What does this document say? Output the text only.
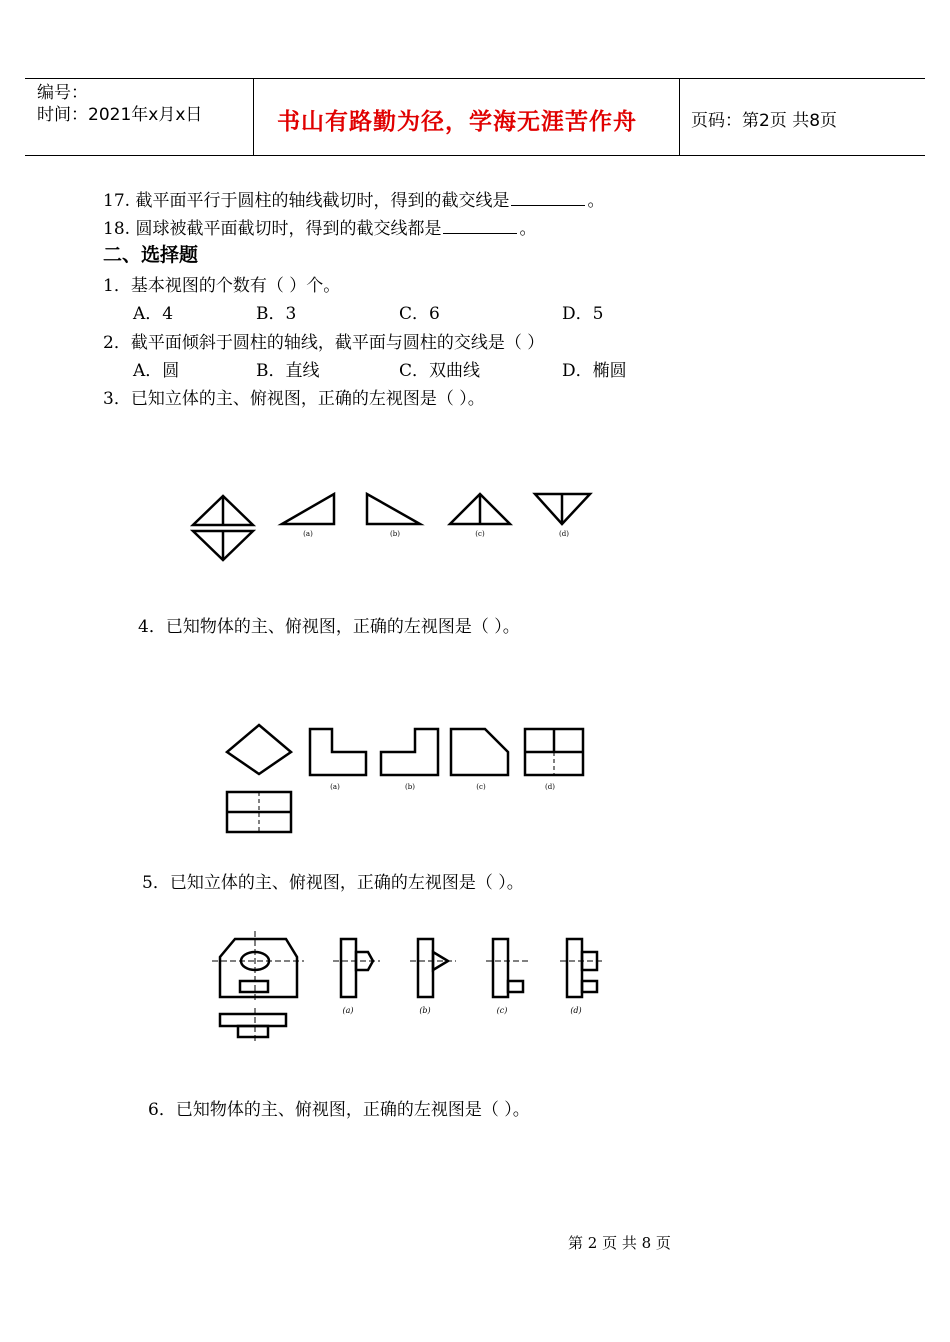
编号：
时间：2021年x月x日	书山有路勤为径，学海无涯苦作舟	页码：第2页 共8页
17. 截平面平行于圆柱的轴线截切时，得到的截交线是	。
18. 圆球被截平面截切时，得到的截交线都是	。
二、选择题
1．基本视图的个数有（ ）个。
A．4	B．3	C．6	D．5
2．截平面倾斜于圆柱的轴线，截平面与圆柱的交线是（ ）
A．圆	B．直线	C．双曲线	D．椭圆
3．已知立体的主、俯视图，正确的左视图是（ ）。
4．已知物体的主、俯视图，正确的左视图是（ ）。
5．已知立体的主、俯视图，正确的左视图是（ ）。
6．已知物体的主、俯视图，正确的左视图是（ ）。
(a)	(b)	(c)	(d)
(a)	(b)	(c)	(d)
(a)	(b)	(c)	(d)
第 2 页 共 8 页
